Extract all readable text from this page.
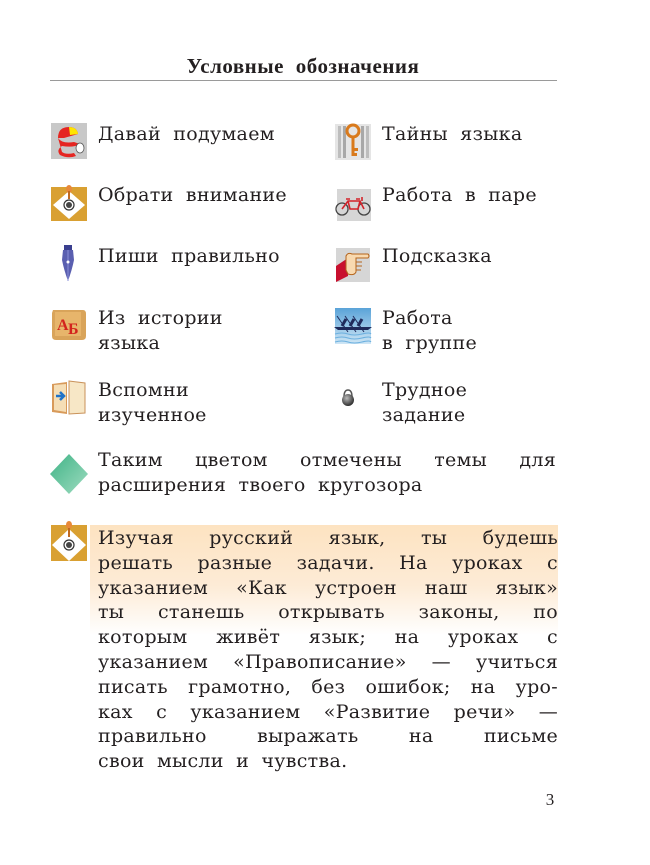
Условные обозначения
Давай подумаем
Обрати внимание
Пиши правильно
А Б
Из истории
языка
Вспомни
изученное
Тайны языка
Работа в паре
Подсказка
Работа
в группе
Трудное
задание
Таким цветом отмечены темы для
расширения твоего кругозора
Изучая русский язык, ты будешь
решать разные задачи. На уроках с
указанием «Как устроен наш язык»
ты станешь открывать законы, по
которым живёт язык; на уроках с
указанием «Правописание» — учиться
писать грамотно, без ошибок; на уро-
ках с указанием «Развитие речи» —
правильно выражать на письме
свои мысли и чувства.
3
